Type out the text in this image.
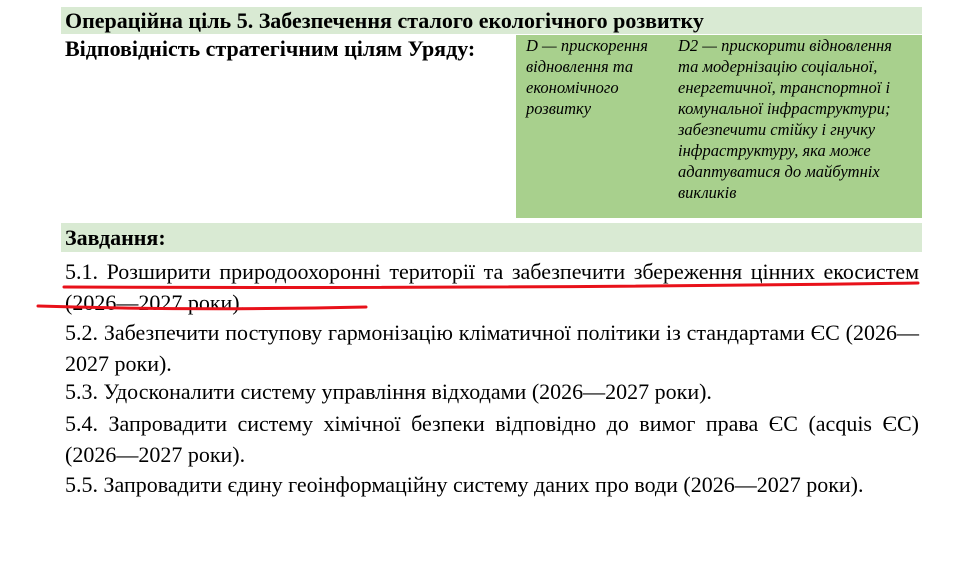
Операційна ціль 5. Забезпечення сталого екологічного розвитку
Відповідність стратегічним цілям Уряду:	D — прискорення відновлення та економічного розвитку

D2 — прискорити відновлення та модернізацію соціальної, енергетичної, транспортної і комунальної інфраструктури; забезпечити стійку і гнучку інфраструктуру, яка може адаптуватися до майбутніх викликів

Завдання:

5.1. Розширити природоохоронні території та забезпечити збереження цінних екосистем (2026—2027 роки).

5.2. Забезпечити поступову гармонізацію кліматичної політики із стандартами ЄС (2026—2027 роки).

5.3. Удосконалити систему управління відходами (2026—2027 роки).

5.4. Запровадити систему хімічної безпеки відповідно до вимог права ЄС (acquis ЄС) (2026—2027 роки).

5.5. Запровадити єдину геоінформаційну систему даних про води (2026—2027 роки).
